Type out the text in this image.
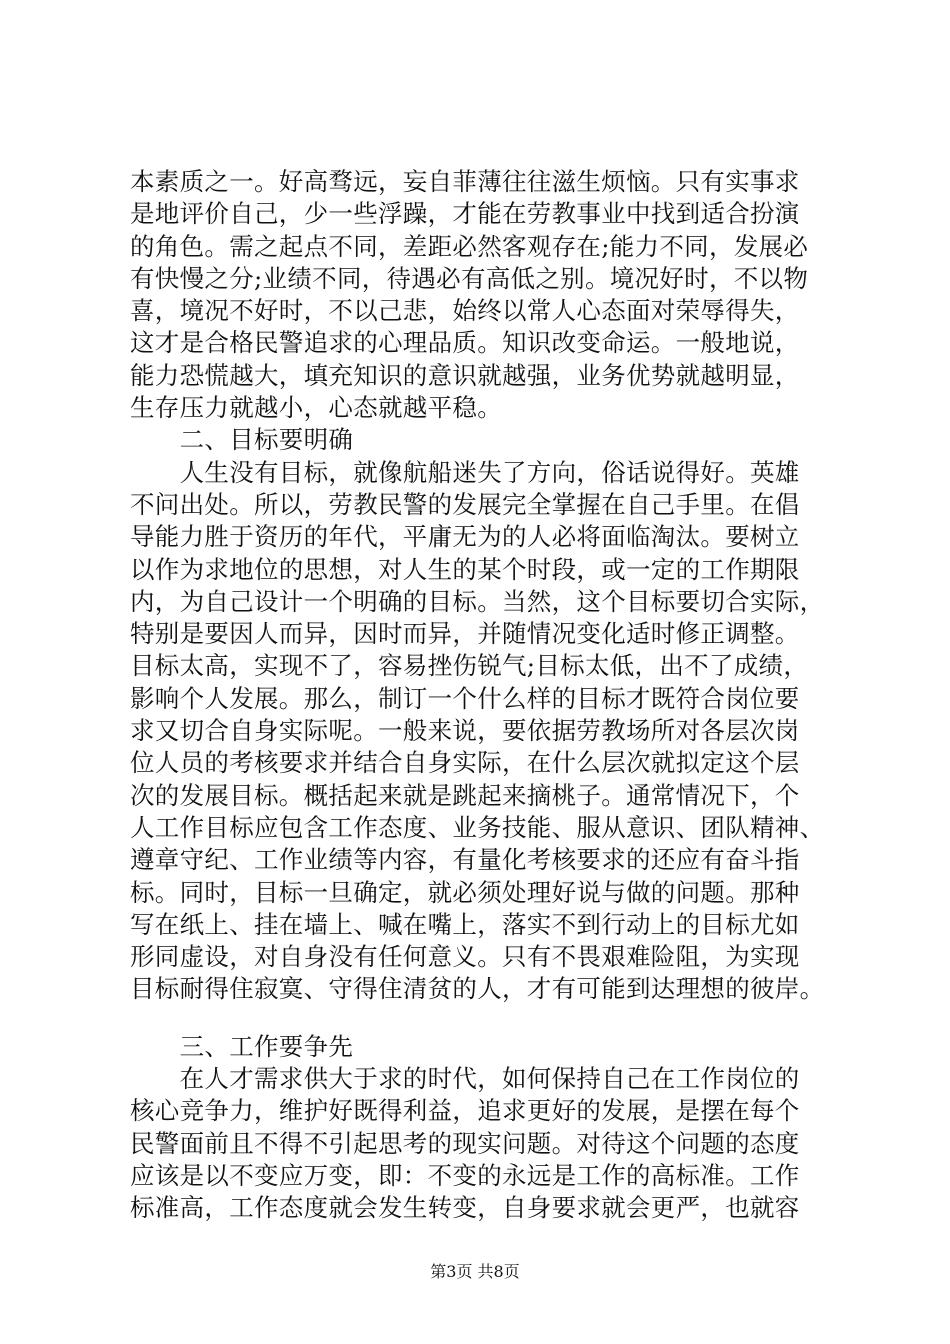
本素质之一。好高骛远，妄自菲薄往往滋生烦恼。只有实事求
是地评价自己，少一些浮躁，才能在劳教事业中找到适合扮演
的角色。需之起点不同，差距必然客观存在;能力不同，发展必
有快慢之分;业绩不同，待遇必有高低之别。境况好时，不以物
喜，境况不好时，不以己悲，始终以常人心态面对荣辱得失，
这才是合格民警追求的心理品质。知识改变命运。一般地说，
能力恐慌越大，填充知识的意识就越强，业务优势就越明显，
生存压力就越小，心态就越平稳。
　　二、目标要明确
　　人生没有目标，就像航船迷失了方向，俗话说得好。英雄
不问出处。所以，劳教民警的发展完全掌握在自己手里。在倡
导能力胜于资历的年代，平庸无为的人必将面临淘汰。要树立
以作为求地位的思想，对人生的某个时段，或一定的工作期限
内，为自己设计一个明确的目标。当然，这个目标要切合实际，
特别是要因人而异，因时而异，并随情况变化适时修正调整。
目标太高，实现不了，容易挫伤锐气;目标太低，出不了成绩，
影响个人发展。那么，制订一个什么样的目标才既符合岗位要
求又切合自身实际呢。一般来说，要依据劳教场所对各层次岗
位人员的考核要求并结合自身实际，在什么层次就拟定这个层
次的发展目标。概括起来就是跳起来摘桃子。通常情况下，个
人工作目标应包含工作态度、业务技能、服从意识、团队精神、
遵章守纪、工作业绩等内容，有量化考核要求的还应有奋斗指
标。同时，目标一旦确定，就必须处理好说与做的问题。那种
写在纸上、挂在墙上、喊在嘴上，落实不到行动上的目标尤如
形同虚设，对自身没有任何意义。只有不畏艰难险阻，为实现
目标耐得住寂寞、守得住清贫的人，才有可能到达理想的彼岸。
　　三、工作要争先
　　在人才需求供大于求的时代，如何保持自己在工作岗位的
核心竞争力，维护好既得利益，追求更好的发展，是摆在每个
民警面前且不得不引起思考的现实问题。对待这个问题的态度
应该是以不变应万变，即：不变的永远是工作的高标准。工作
标准高，工作态度就会发生转变，自身要求就会更严，也就容
第3页 共8页
